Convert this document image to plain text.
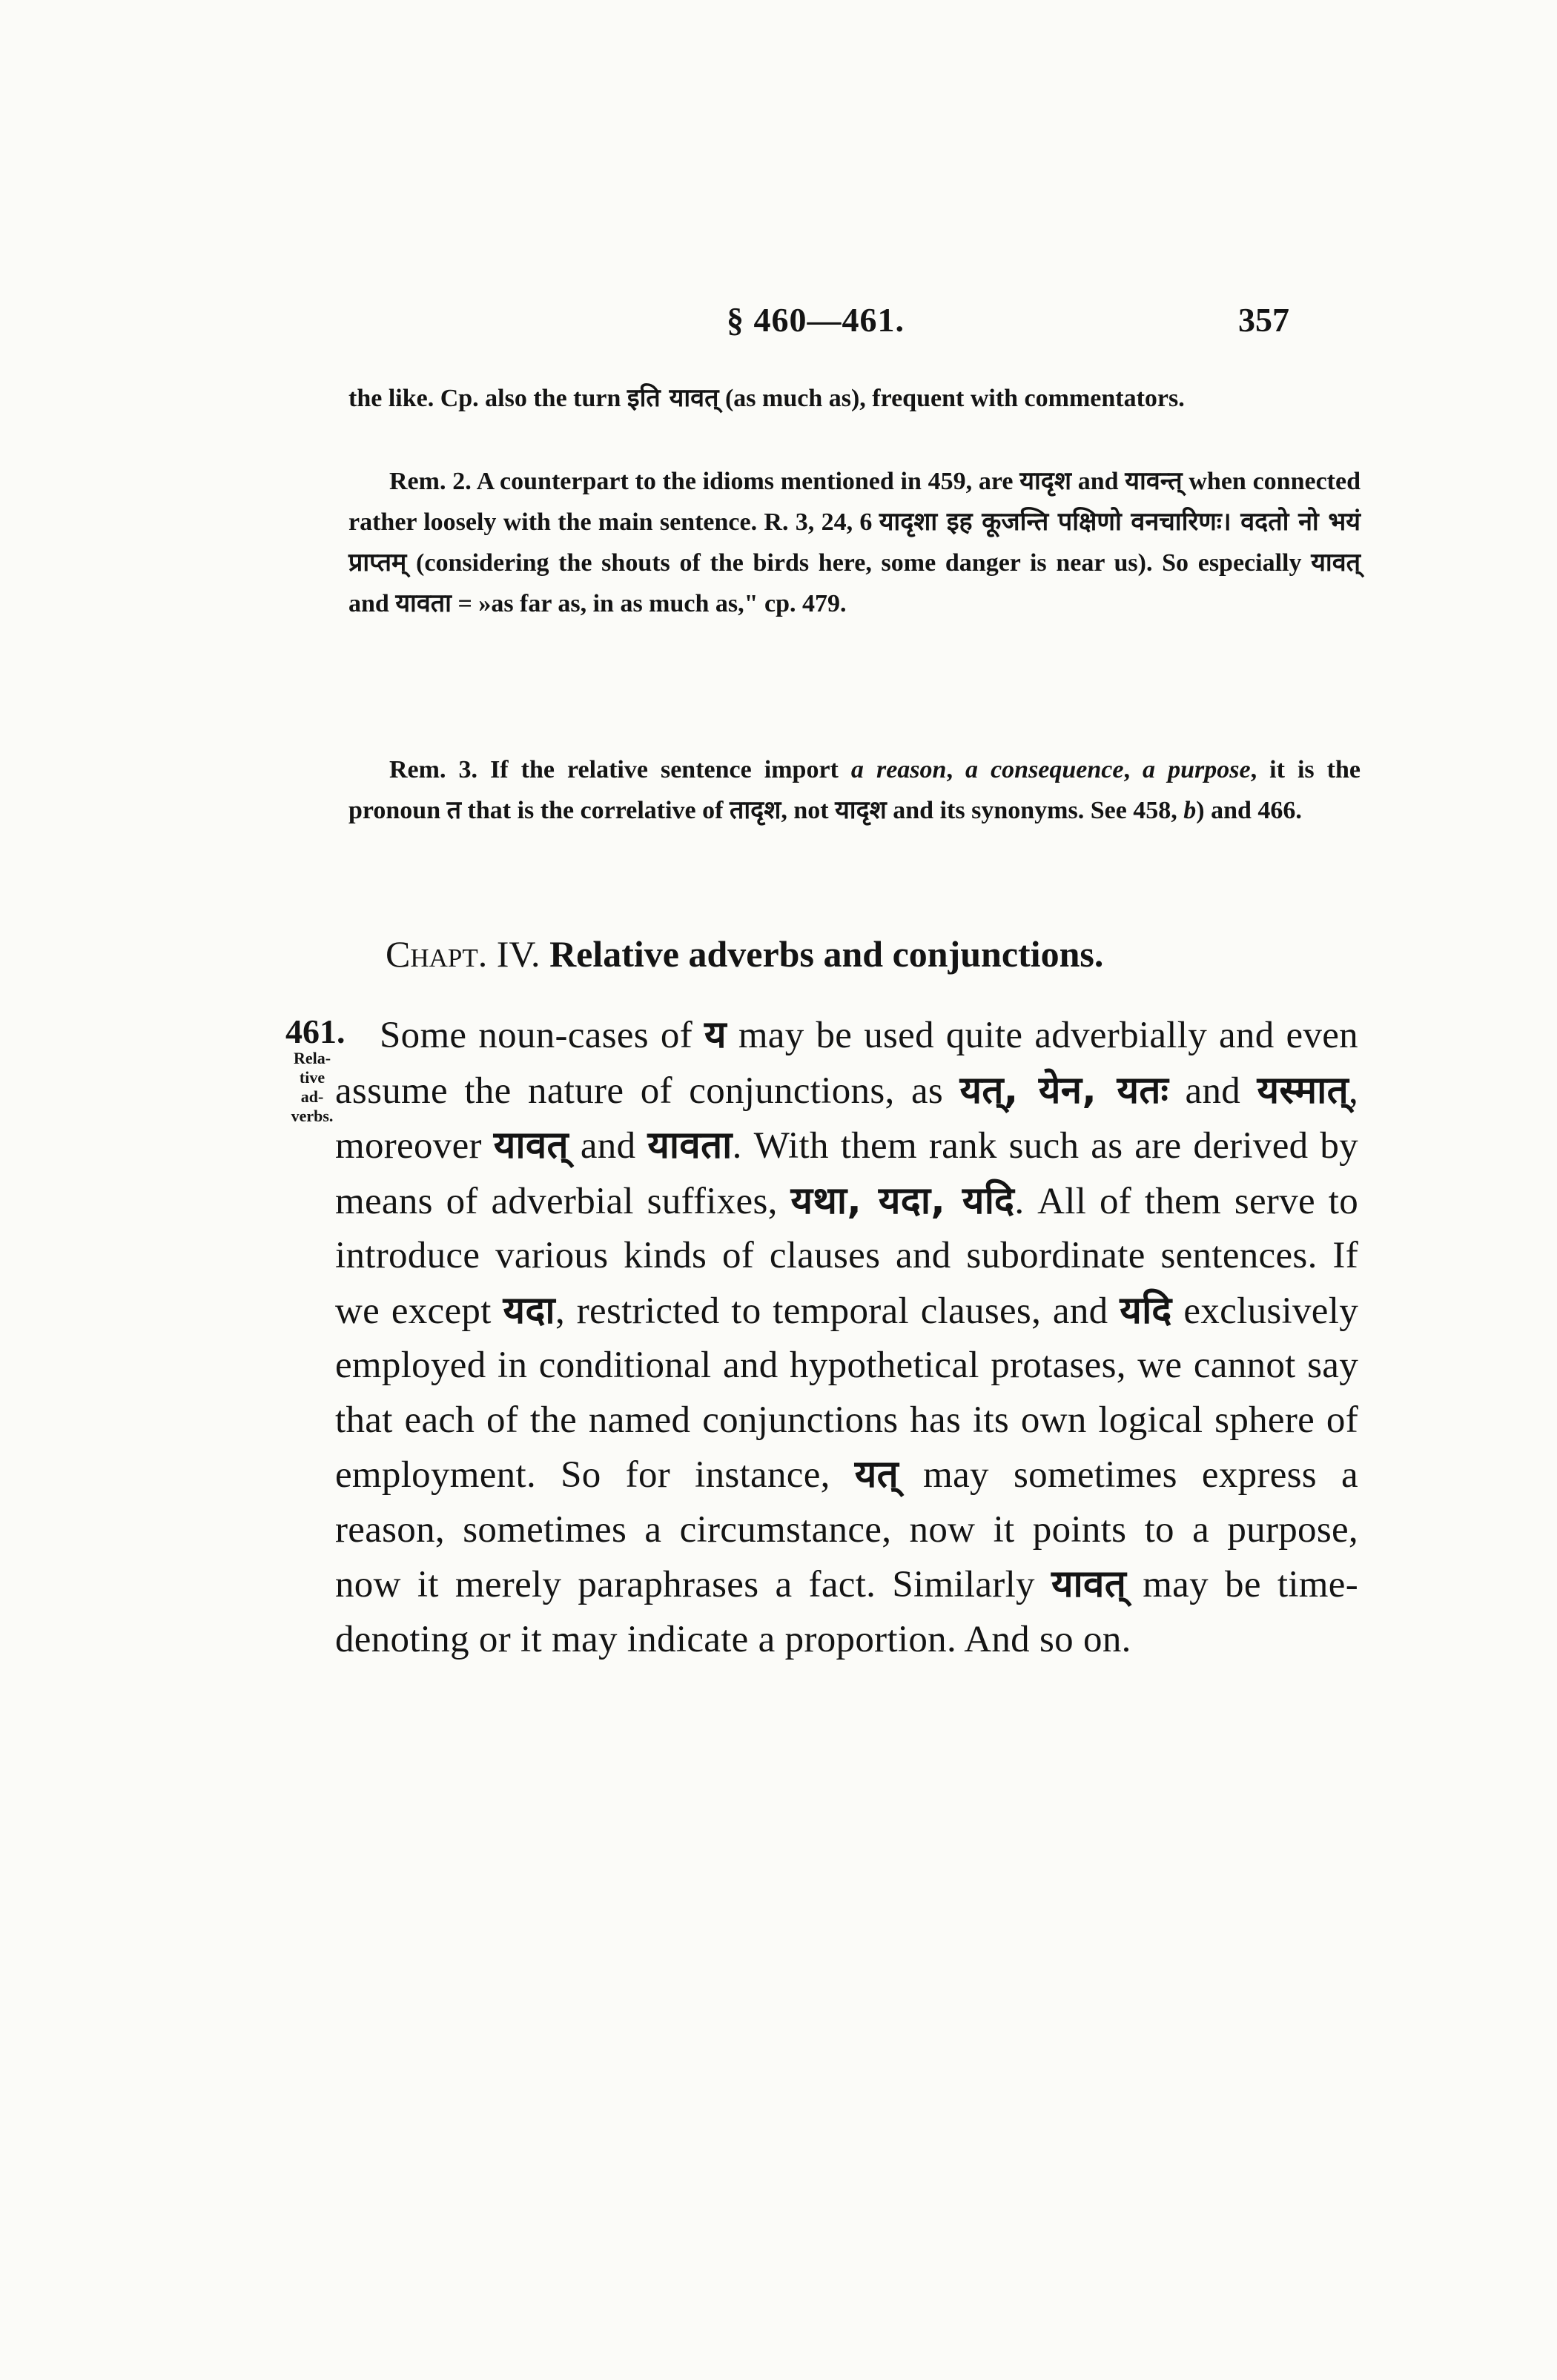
§ 460—461.	357

the like. Cp. also the turn इति यावत् (as much as), frequent with commentators.

Rem. 2. A counterpart to the idioms mentioned in 459, are यादृश and यावन्त् when connected rather loosely with the main sentence. R. 3, 24, 6 यादृशा इह कूजन्ति पक्षिणो वनचारिणः। वदतो नो भयं प्राप्तम् (considering the shouts of the birds here, some danger is near us). So especially यावत् and यावता = »as far as, in as much as," cp. 479.

Rem. 3. If the relative sentence import a reason, a consequence, a purpose, it is the pronoun त that is the correlative of तादृश, not यादृश and its synonyms. See 458, b) and 466.

Chapt. IV. Relative adverbs and conjunctions.
461.
Rela-
tive
ad-
verbs.

Some noun-cases of य may be used quite adverbially and even assume the nature of conjunctions, as यत्, येन, यतः and यस्मात्, moreover यावत् and यावता. With them rank such as are derived by means of adverbial suffixes, यथा, यदा, यदि. All of them serve to introduce various kinds of clauses and subordinate sentences. If we except यदा, restricted to temporal clauses, and यदि exclusively employed in conditional and hypothetical protases, we cannot say that each of the named conjunctions has its own logical sphere of employment. So for instance, यत् may sometimes express a reason, sometimes a circumstance, now it points to a purpose, now it merely paraphrases a fact. Similarly यावत् may be time-denoting or it may indicate a proportion. And so on.
